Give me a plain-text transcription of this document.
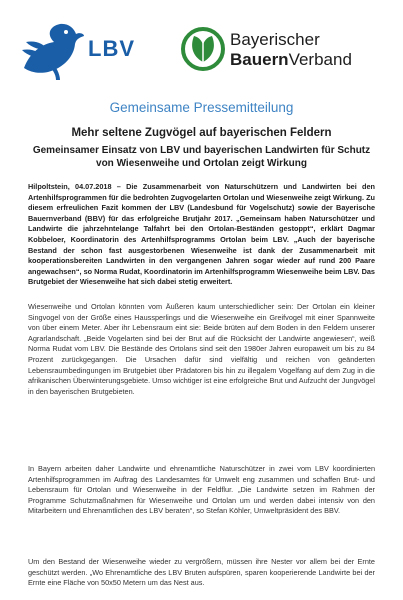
LBV	Bayerischer
BauernVerband
Gemeinsame Pressemitteilung
Mehr seltene Zugvögel auf bayerischen Feldern
Gemeinsamer Einsatz von LBV und bayerischen Landwirten für Schutz von Wiesenweihe und Ortolan zeigt Wirkung
Hilpoltstein, 04.07.2018 – Die Zusammenarbeit von Naturschützern und Landwirten bei den Artenhilfsprogrammen für die bedrohten Zugvogelarten Ortolan und Wiesenweihe zeigt Wirkung. Zu diesem erfreulichen Fazit kommen der LBV (Landesbund für Vogelschutz) sowie der Bayerische Bauernverband (BBV) für das erfolgreiche Brutjahr 2017. „Gemeinsam haben Naturschützer und Landwirte die jahrzehntelange Talfahrt bei den Ortolan-Beständen gestoppt“, erklärt Dagmar Kobbeloer, Koordinatorin des Artenhilfsprogramms Ortolan beim LBV. „Auch der bayerische Bestand der schon fast ausgestorbenen Wiesenweihe ist dank der Zusammenarbeit mit kooperationsbereiten Landwirten in den vergangenen Jahren sogar wieder auf rund 200 Paare angewachsen“, so Norma Rudat, Koordinatorin im Artenhilfsprogramm Wiesenweihe beim LBV. Das Brutgebiet der Wiesenweihe hat sich dabei stetig erweitert.
Wiesenweihe und Ortolan könnten vom Äußeren kaum unterschiedlicher sein: Der Ortolan ein kleiner Singvogel von der Größe eines Haussperlings und die Wiesenweihe ein Greifvogel mit einer Spannweite von über einem Meter. Aber ihr Lebensraum eint sie: Beide brüten auf dem Boden in den Feldern unserer Agrarlandschaft. „Beide Vogelarten sind bei der Brut auf die Rücksicht der Landwirte angewiesen“, weiß Norma Rudat vom LBV. Die Bestände des Ortolans sind seit den 1980er Jahren europaweit um bis zu 84 Prozent zurückgegangen. Die Ursachen dafür sind vielfältig und reichen von geänderten Lebensraumbedingungen im Brutgebiet über Prädatoren bis hin zu illegalem Vogelfang auf dem Zug in die afrikanischen Überwinterungsgebiete. Umso wichtiger ist eine erfolgreiche Brut und Aufzucht der Jungvögel in den bayerischen Brutgebieten.
In Bayern arbeiten daher Landwirte und ehrenamtliche Naturschützer in zwei vom LBV koordinierten Artenhilfsprogrammen im Auftrag des Landesamtes für Umwelt eng zusammen und schaffen Brut- und Lebensraum für Ortolan und Wiesenweihe in der Feldflur. „Die Landwirte setzen im Rahmen der Programme Schutzmaßnahmen für Wiesenweihe und Ortolan um und werden dabei intensiv von den Mitarbeitern und Ehrenamtlichen des LBV beraten“, so Stefan Köhler, Umweltpräsident des BBV.
Um den Bestand der Wiesenweihe wieder zu vergrößern, müssen ihre Nester vor allem bei der Ernte geschützt werden. „Wo Ehrenamtliche des LBV Bruten aufspüren, sparen kooperierende Landwirte bei der Ernte eine Fläche von 50x50 Metern um das Nest aus.
